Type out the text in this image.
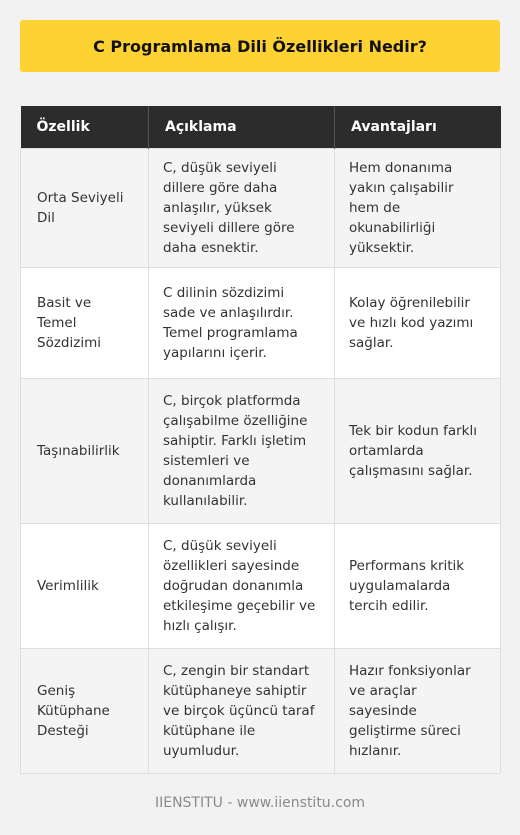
C Programlama Dili Özellikleri Nedir?
Özellik	Açıklama	Avantajları
Orta Seviyeli Dil	C, düşük seviyeli dillere göre daha anlaşılır, yüksek seviyeli dillere göre daha esnektir.	Hem donanıma yakın çalışabilir hem de okunabilirliği yüksektir.
Basit ve Temel Sözdizimi	C dilinin sözdizimi sade ve anlaşılırdır. Temel programlama yapılarını içerir.	Kolay öğrenilebilir ve hızlı kod yazımı sağlar.
Taşınabilirlik	C, birçok platformda çalışabilme özelliğine sahiptir. Farklı işletim sistemleri ve donanımlarda kullanılabilir.	Tek bir kodun farklı ortamlarda çalışmasını sağlar.
Verimlilik	C, düşük seviyeli özellikleri sayesinde doğrudan donanımla etkileşime geçebilir ve hızlı çalışır.	Performans kritik uygulamalarda tercih edilir.
Geniş Kütüphane Desteği	C, zengin bir standart kütüphaneye sahiptir ve birçok üçüncü taraf kütüphane ile uyumludur.	Hazır fonksiyonlar ve araçlar sayesinde geliştirme süreci hızlanır.
IIENSTITU - www.iienstitu.com
